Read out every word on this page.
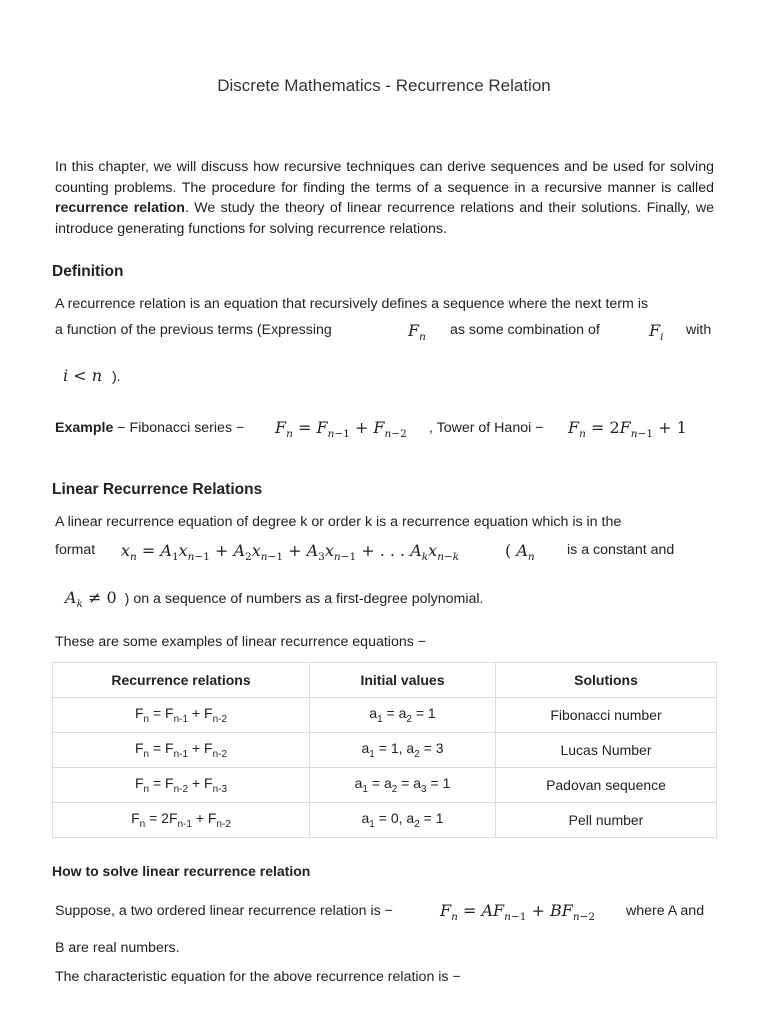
Discrete Mathematics - Recurrence Relation
In this chapter, we will discuss how recursive techniques can derive sequences and be used for solving counting problems. The procedure for finding the terms of a sequence in a recursive manner is called recurrence relation. We study the theory of linear recurrence relations and their solutions. Finally, we introduce generating functions for solving recurrence relations.
Definition
A recurrence relation is an equation that recursively defines a sequence where the next term is
a function of the previous terms (Expressing	$F_n$ as some combination of	$F_i$ with
i < n ).
Example − Fibonacci series − $F_n = F_{n-1} + F_{n-2}$ , Tower of Hanoi − $F_n = 2F_{n-1} + 1$
Linear Recurrence Relations
A linear recurrence equation of degree k or order k is a recurrence equation which is in the
format $x_n = A_1x_{n-1} + A_2x_{n-1} + A_3x_{n-1}$ + . . . $A_kx_{n-k}$	( $A_n$ is a constant and
$A_k \ne 0$ ) on a sequence of numbers as a first-degree polynomial.
These are some examples of linear recurrence equations −
Recurrence relations	Initial values	Solutions
$F_n = F_{n-1} + F_{n-2}$	$a_1 = a_2 = 1$	Fibonacci number
$F_n = F_{n-1} + F_{n-2}$	$a_1 = 1$, $a_2 = 3$	Lucas Number
$F_n = F_{n-2} + F_{n-3}$	$a_1 = a_2 = a_3 = 1$	Padovan sequence
$F_n = 2F_{n-1} + F_{n-2}$	$a_1 = 0$, $a_2 = 1$	Pell number
How to solve linear recurrence relation
Suppose, a two ordered linear recurrence relation is −	$F_n = AF_{n-1} + BF_{n-2}$ where A and
B are real numbers.
The characteristic equation for the above recurrence relation is −
